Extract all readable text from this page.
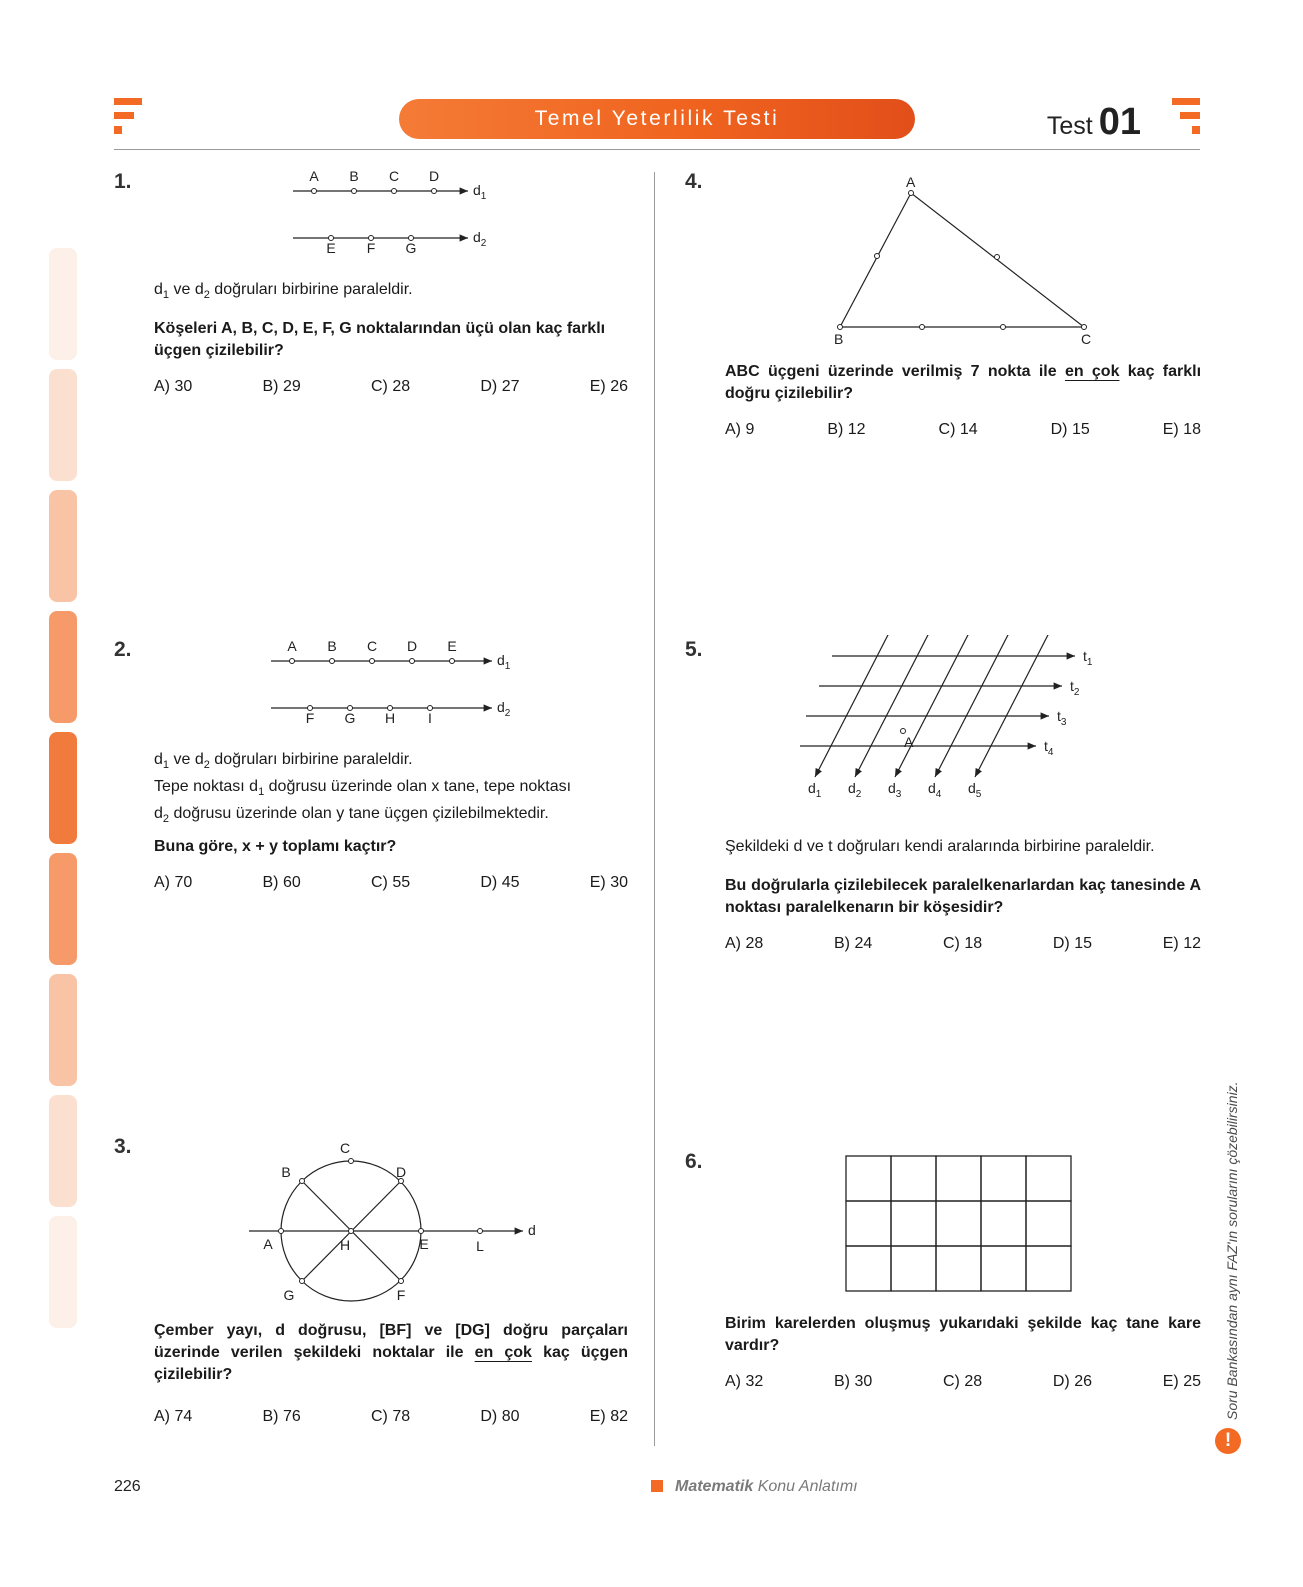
Temel Yeterlilik Testi	Test 01
1.	A B C D
E F G
$d_1$
$d_2$
$d_1$ ve $d_2$ doğruları birbirine paraleldir.
Köşeleri A, B, C, D, E, F, G noktalarından üçü olan kaç farklı üçgen çizilebilir?
A) 30	B) 29	C) 28	D) 27	E) 26
2.	A B C D E
F G H I
$d_1$
$d_2$
$d_1$ ve $d_2$ doğruları birbirine paraleldir.
Tepe noktası $d_1$ doğrusu üzerinde olan x tane, tepe noktası
$d_2$ doğrusu üzerinde olan y tane üçgen çizilebilmektedir.
Buna göre, x + y toplamı kaçtır?
A) 70	B) 60	C) 55	D) 45	E) 30
3.
A
B
C
D
E
F
G
H	L
d
Çember yayı, d doğrusu, [BF] ve [DG] doğru parçaları üzerinde verilen şekildeki noktalar ile en çok kaç üçgen çizilebilir?
A) 74	B) 76	C) 78	D) 80	E) 82
4.	A
B	C
ABC üçgeni üzerinde verilmiş 7 nokta ile en çok kaç farklı doğru çizilebilir?
A) 9	B) 12	C) 14	D) 15	E) 18
5.	$t_1$
$t_2$
$t_3$
$t_4$
$d_1$ $d_2$ $d_3$ $d_4$ $d_5$
A
Şekildeki d ve t doğruları kendi aralarında birbirine paraleldir.
Bu doğrularla çizilebilecek paralelkenarlardan kaç tanesinde A noktası paralelkenarın bir köşesidir?
A) 28	B) 24	C) 18	D) 15	E) 12
6.
Birim karelerden oluşmuş yukarıdaki şekilde kaç tane kare vardır?
A) 32	B) 30	C) 28	D) 26	E) 25
226	Matematik Konu Anlatımı
Soru Bankasından aynı FAZ'ın sorularını çözebilirsiniz.
!
